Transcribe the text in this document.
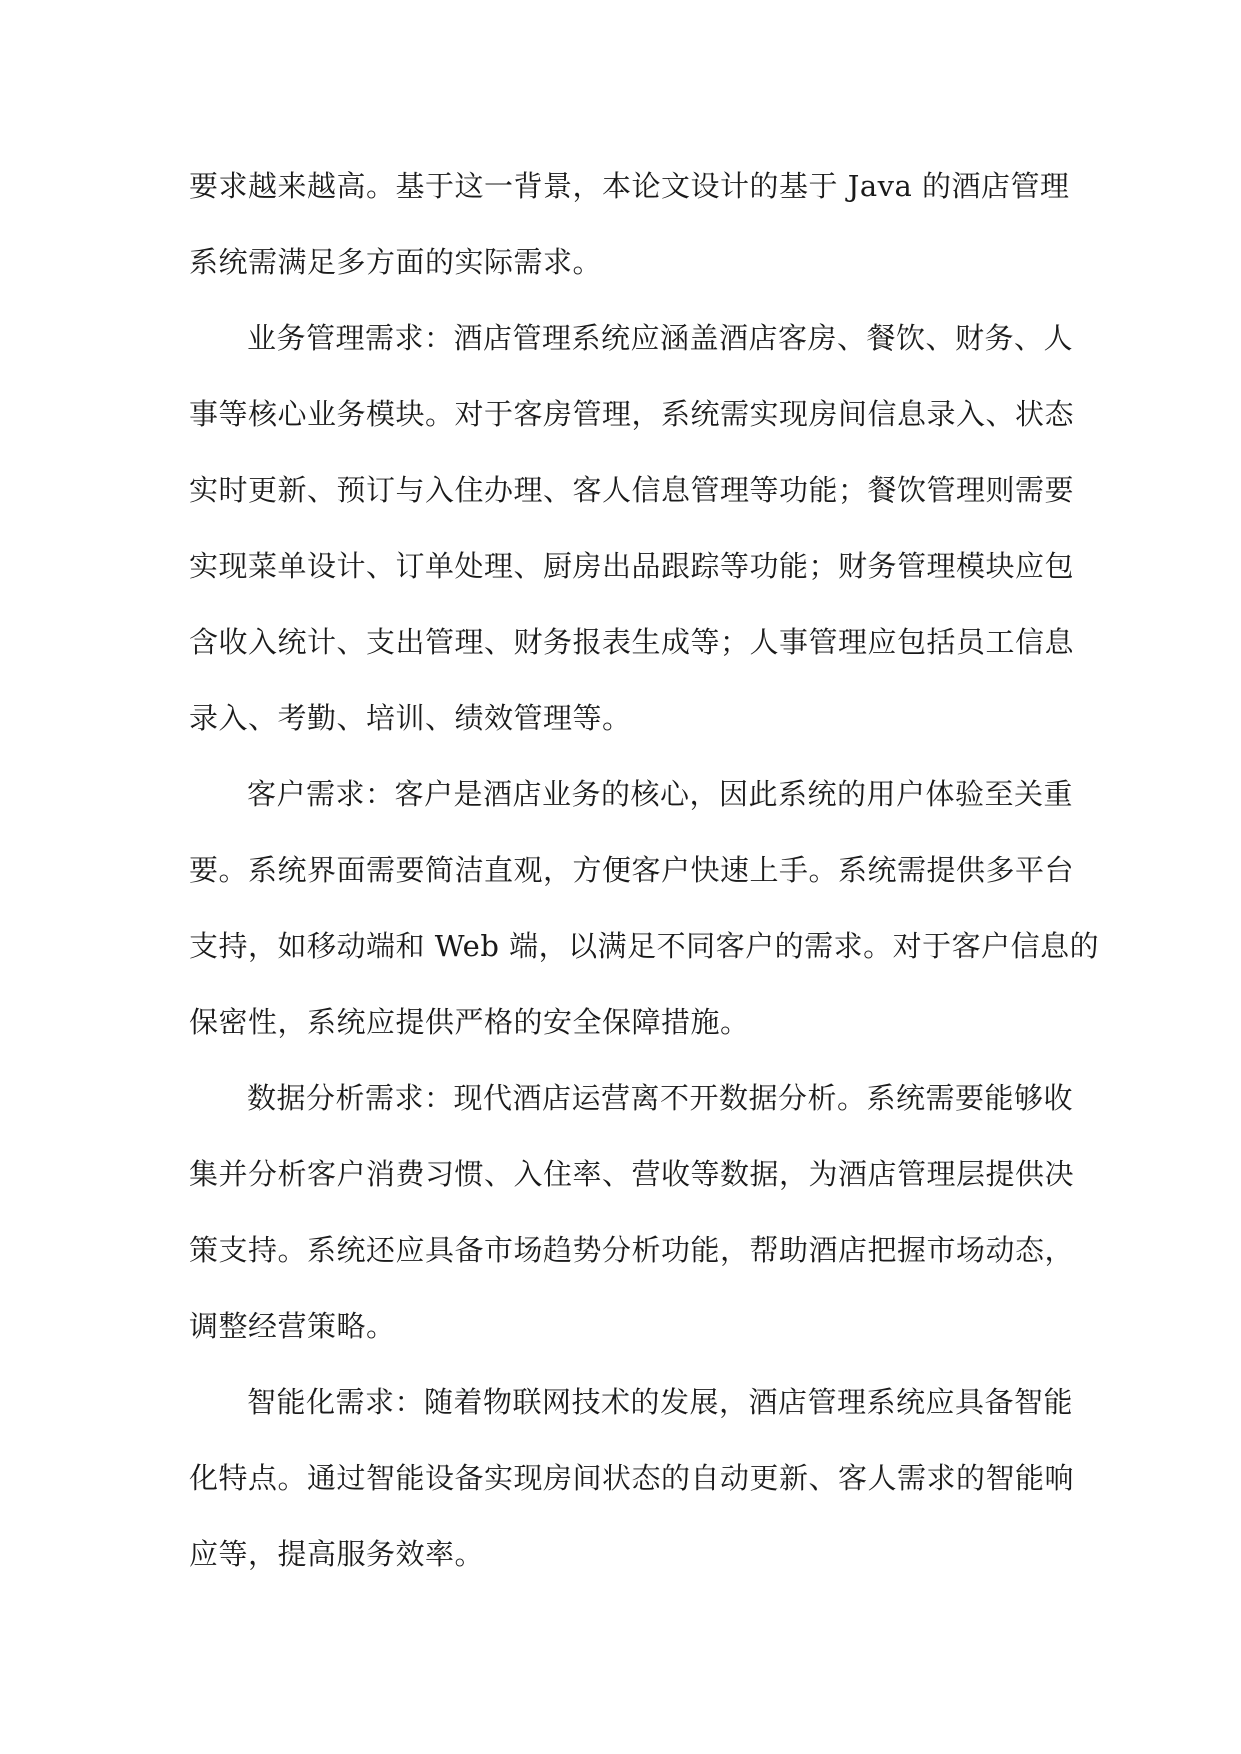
要求越来越高。基于这一背景，本论文设计的基于 Java 的酒店管理
系统需满足多方面的实际需求。
业务管理需求：酒店管理系统应涵盖酒店客房、餐饮、财务、人
事等核心业务模块。对于客房管理，系统需实现房间信息录入、状态
实时更新、预订与入住办理、客人信息管理等功能；餐饮管理则需要
实现菜单设计、订单处理、厨房出品跟踪等功能；财务管理模块应包
含收入统计、支出管理、财务报表生成等；人事管理应包括员工信息
录入、考勤、培训、绩效管理等。
客户需求：客户是酒店业务的核心，因此系统的用户体验至关重
要。系统界面需要简洁直观，方便客户快速上手。系统需提供多平台
支持，如移动端和 Web 端，以满足不同客户的需求。对于客户信息的
保密性，系统应提供严格的安全保障措施。
数据分析需求：现代酒店运营离不开数据分析。系统需要能够收
集并分析客户消费习惯、入住率、营收等数据，为酒店管理层提供决
策支持。系统还应具备市场趋势分析功能，帮助酒店把握市场动态，
调整经营策略。
智能化需求：随着物联网技术的发展，酒店管理系统应具备智能
化特点。通过智能设备实现房间状态的自动更新、客人需求的智能响
应等，提高服务效率。
